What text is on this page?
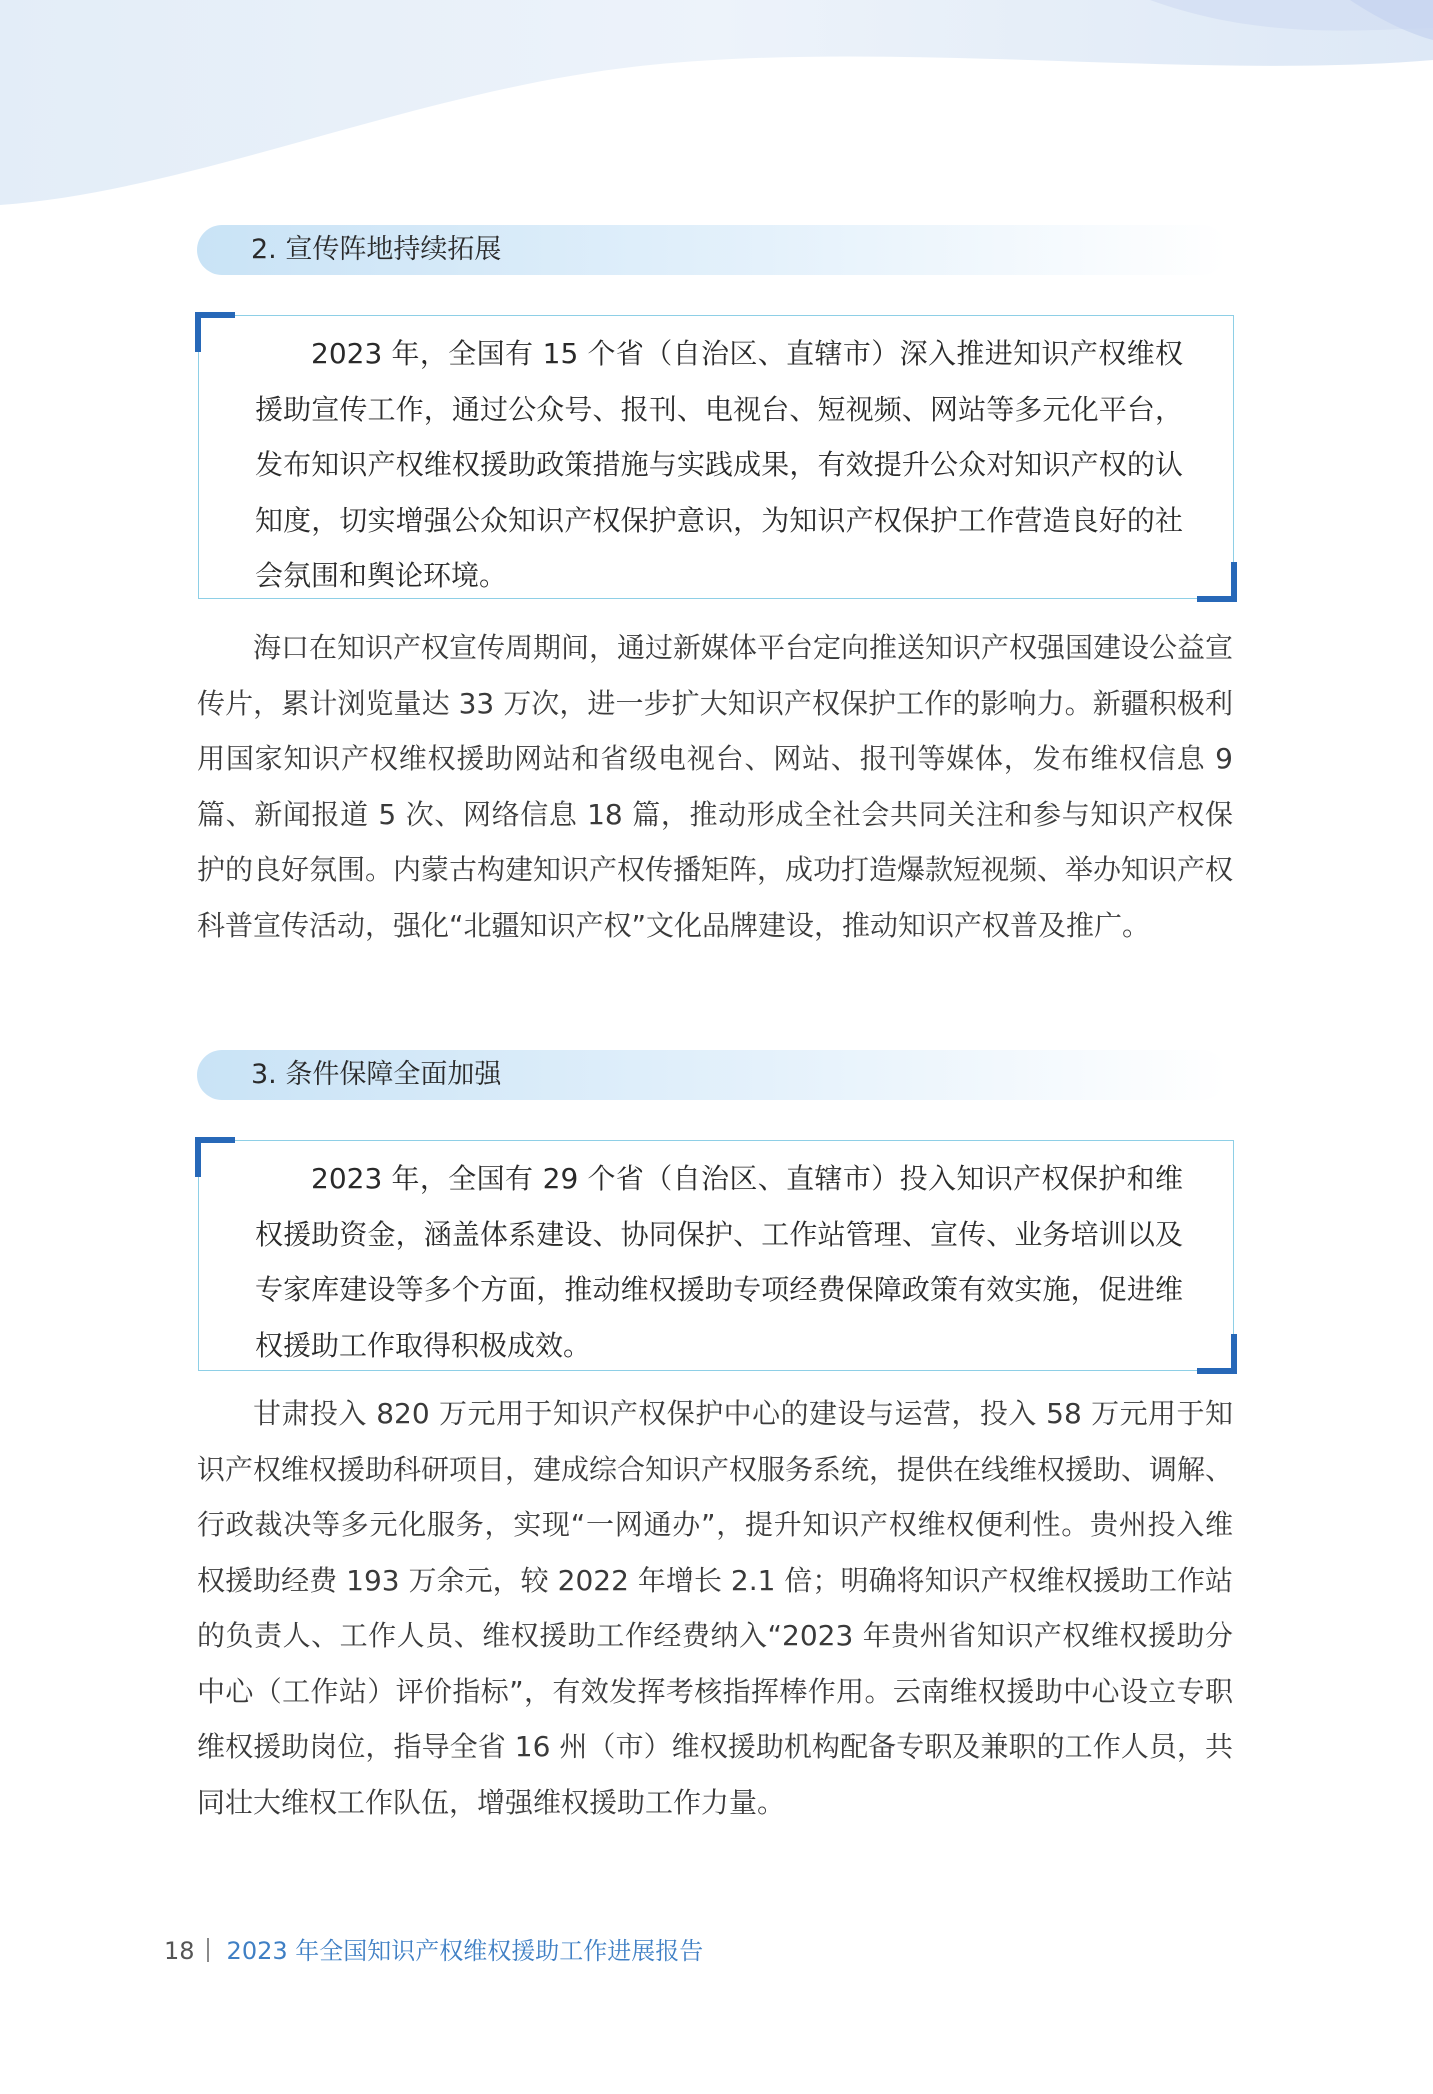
2. 宣传阵地持续拓展

2023 年，全国有 15 个省（自治区、直辖市）深入推进知识产权维权援助宣传工作，通过公众号、报刊、电视台、短视频、网站等多元化平台，发布知识产权维权援助政策措施与实践成果，有效提升公众对知识产权的认知度，切实增强公众知识产权保护意识，为知识产权保护工作营造良好的社会氛围和舆论环境。

海口在知识产权宣传周期间，通过新媒体平台定向推送知识产权强国建设公益宣传片，累计浏览量达 33 万次，进一步扩大知识产权保护工作的影响力。新疆积极利用国家知识产权维权援助网站和省级电视台、网站、报刊等媒体，发布维权信息 9 篇、新闻报道 5 次、网络信息 18 篇，推动形成全社会共同关注和参与知识产权保护的良好氛围。内蒙古构建知识产权传播矩阵，成功打造爆款短视频、举办知识产权科普宣传活动，强化“北疆知识产权”文化品牌建设，推动知识产权普及推广。

3. 条件保障全面加强

2023 年，全国有 29 个省（自治区、直辖市）投入知识产权保护和维权援助资金，涵盖体系建设、协同保护、工作站管理、宣传、业务培训以及专家库建设等多个方面，推动维权援助专项经费保障政策有效实施，促进维权援助工作取得积极成效。

甘肃投入 820 万元用于知识产权保护中心的建设与运营，投入 58 万元用于知识产权维权援助科研项目，建成综合知识产权服务系统，提供在线维权援助、调解、行政裁决等多元化服务，实现“一网通办”，提升知识产权维权便利性。贵州投入维权援助经费 193 万余元，较 2022 年增长 2.1 倍；明确将知识产权维权援助工作站的负责人、工作人员、维权援助工作经费纳入“2023 年贵州省知识产权维权援助分中心（工作站）评价指标”，有效发挥考核指挥棒作用。云南维权援助中心设立专职维权援助岗位，指导全省 16 州（市）维权援助机构配备专职及兼职的工作人员，共同壮大维权工作队伍，增强维权援助工作力量。

18 2023 年全国知识产权维权援助工作进展报告
